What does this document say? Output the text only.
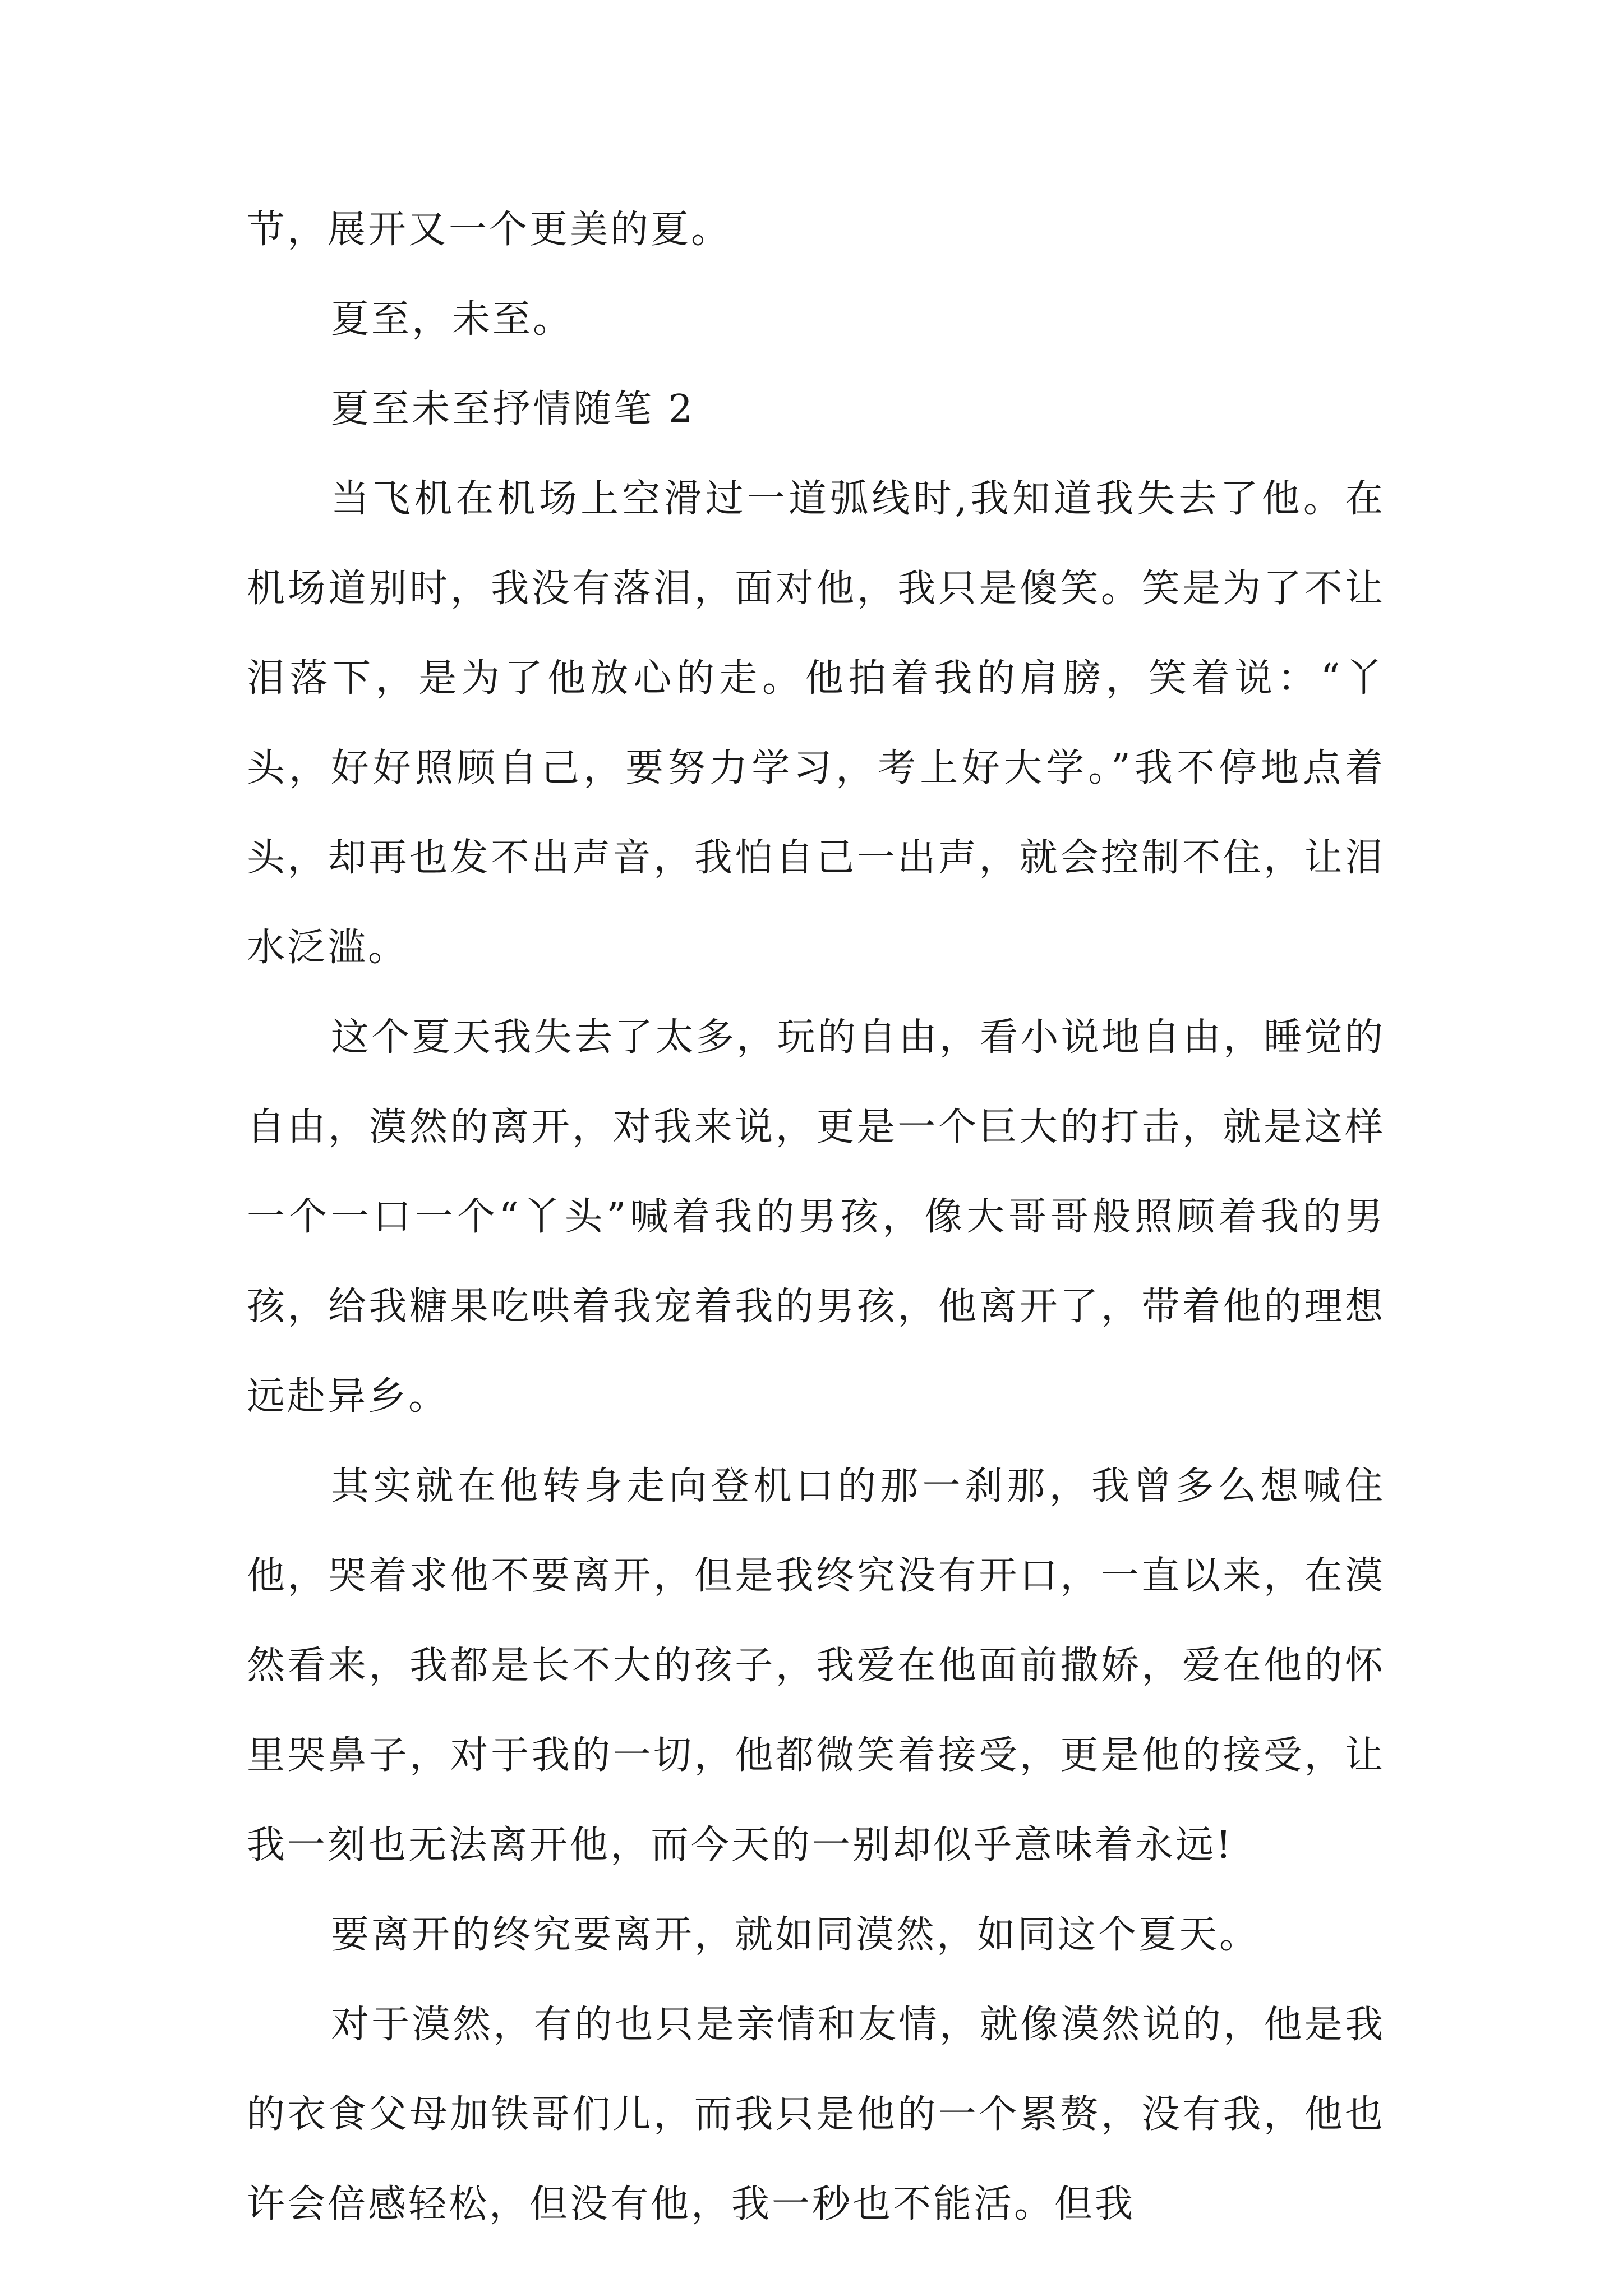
节，展开又一个更美的夏。

夏至，未至。

夏至未至抒情随笔 2

当飞机在机场上空滑过一道弧线时,我知道我失去了他。在机场道别时，我没有落泪，面对他，我只是傻笑。笑是为了不让泪落下，是为了他放心的走。他拍着我的肩膀，笑着说：“丫头，好好照顾自己，要努力学习，考上好大学。”我不停地点着头，却再也发不出声音，我怕自己一出声，就会控制不住，让泪水泛滥。

这个夏天我失去了太多，玩的自由，看小说地自由，睡觉的自由，漠然的离开，对我来说，更是一个巨大的打击，就是这样一个一口一个“丫头”喊着我的男孩，像大哥哥般照顾着我的男孩，给我糖果吃哄着我宠着我的男孩，他离开了，带着他的理想远赴异乡。

其实就在他转身走向登机口的那一刹那，我曾多么想喊住他，哭着求他不要离开，但是我终究没有开口，一直以来，在漠然看来，我都是长不大的孩子，我爱在他面前撒娇，爱在他的怀里哭鼻子，对于我的一切，他都微笑着接受，更是他的接受，让我一刻也无法离开他，而今天的一别却似乎意味着永远!

要离开的终究要离开，就如同漠然，如同这个夏天。

对于漠然，有的也只是亲情和友情，就像漠然说的，他是我的衣食父母加铁哥们儿，而我只是他的一个累赘，没有我，他也许会倍感轻松，但没有他，我一秒也不能活。但我
